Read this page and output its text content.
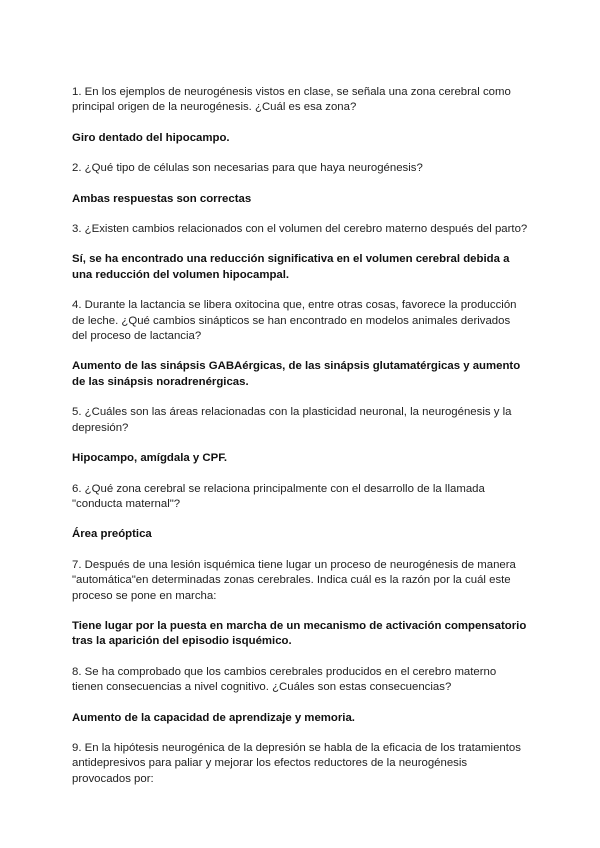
1. En los ejemplos de neurogénesis vistos en clase, se señala una zona cerebral como principal origen de la neurogénesis. ¿Cuál es esa zona?

Giro dentado del hipocampo.

2. ¿Qué tipo de células son necesarias para que haya neurogénesis?

Ambas respuestas son correctas

3. ¿Existen cambios relacionados con el volumen del cerebro materno después del parto?

Sí, se ha encontrado una reducción significativa en el volumen cerebral debida a una reducción del volumen hipocampal.

4. Durante la lactancia se libera oxitocina que, entre otras cosas, favorece la producción de leche. ¿Qué cambios sinápticos se han encontrado en modelos animales derivados del proceso de lactancia?

Aumento de las sinápsis GABAérgicas, de las sinápsis glutamatérgicas y aumento de las sinápsis noradrenérgicas.

5. ¿Cuáles son las áreas relacionadas con la plasticidad neuronal, la neurogénesis y la depresión?

Hipocampo, amígdala y CPF.

6. ¿Qué zona cerebral se relaciona principalmente con el desarrollo de la llamada "conducta maternal"?

Área preóptica

7. Después de una lesión isquémica tiene lugar un proceso de neurogénesis de manera "automática"en determinadas zonas cerebrales. Indica cuál es la razón por la cuál este proceso se pone en marcha:

Tiene lugar por la puesta en marcha de un mecanismo de activación compensatorio tras la aparición del episodio isquémico.

8. Se ha comprobado que los cambios cerebrales producidos en el cerebro materno tienen consecuencias a nivel cognitivo. ¿Cuáles son estas consecuencias?

Aumento de la capacidad de aprendizaje y memoria.

9. En la hipótesis neurogénica de la depresión se habla de la eficacia de los tratamientos antidepresivos para paliar y mejorar los efectos reductores de la neurogénesis provocados por:
